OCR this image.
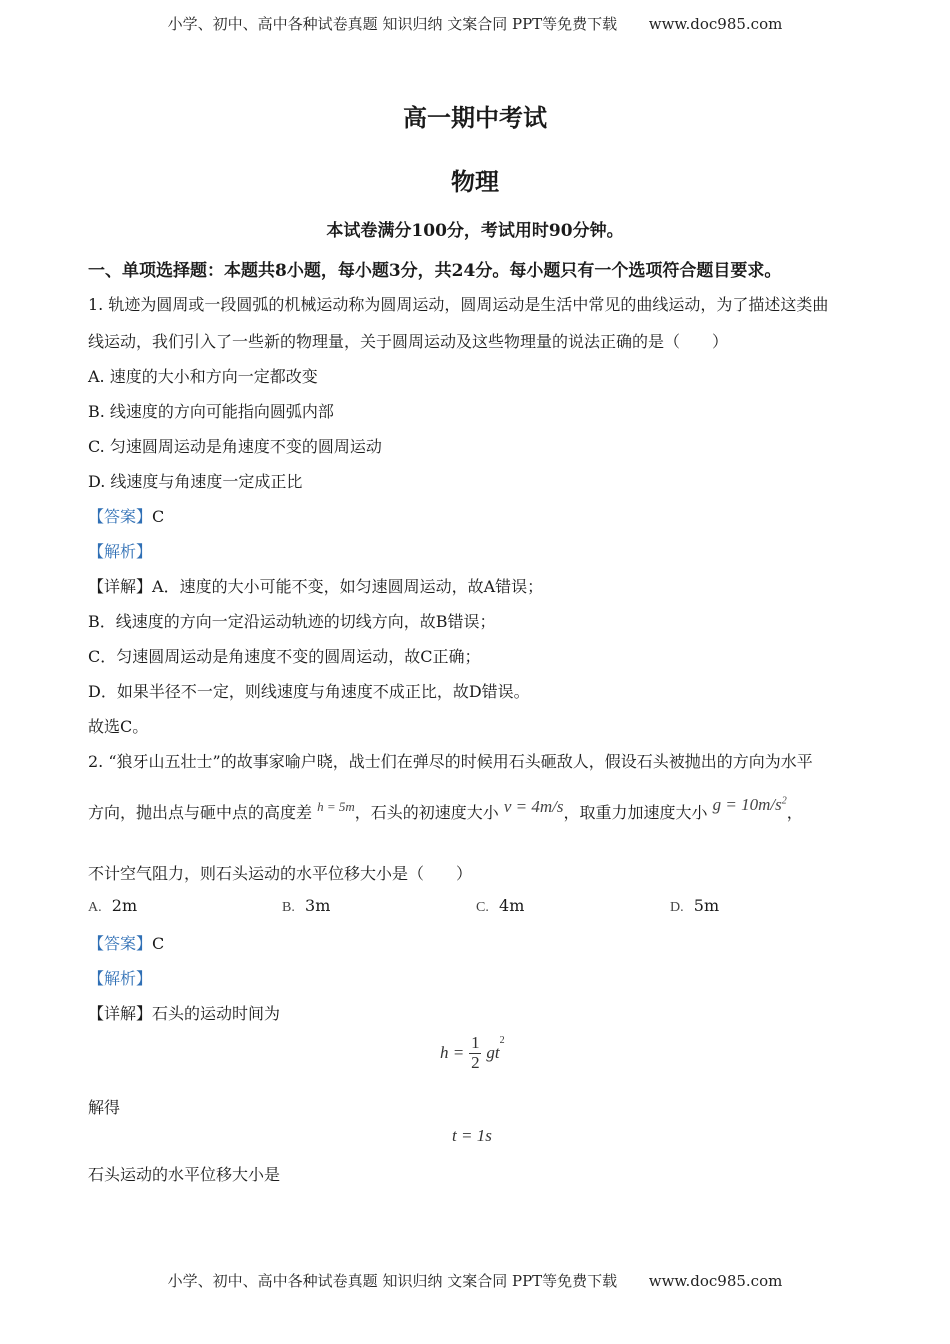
小学、初中、高中各种试卷真题 知识归纳 文案合同 PPT等免费下载 www.doc985.com
高一期中考试
物理
本试卷满分100分，考试用时90分钟。
一、单项选择题：本题共8小题，每小题3分，共24分。每小题只有一个选项符合题目要求。
1. 轨迹为圆周或一段圆弧的机械运动称为圆周运动，圆周运动是生活中常见的曲线运动，为了描述这类曲
线运动，我们引入了一些新的物理量，关于圆周运动及这些物理量的说法正确的是（　　）
A. 速度的大小和方向一定都改变
B. 线速度的方向可能指向圆弧内部
C. 匀速圆周运动是角速度不变的圆周运动
D. 线速度与角速度一定成正比
【答案】C
【解析】
【详解】A．速度的大小可能不变，如匀速圆周运动，故A错误；
B．线速度的方向一定沿运动轨迹的切线方向，故B错误；
C．匀速圆周运动是角速度不变的圆周运动，故C正确；
D．如果半径不一定，则线速度与角速度不成正比，故D错误。
故选C。
2. “狼牙山五壮士”的故事家喻户晓，战士们在弹尽的时候用石头砸敌人，假设石头被抛出的方向为水平
方向，抛出点与砸中点的高度差 $^{h = 5m}$，石头的初速度大小 v = 4m/s，取重力加速度大小 $g = 10m/s^2$，
不计空气阻力，则石头运动的水平位移大小是（　　）
A. 2m	B. 3m	C. 4m	D. 5m
【答案】C
【解析】
【详解】石头的运动时间为
$h = \frac{1}{2} gt^2$
解得
t = 1s
石头运动的水平位移大小是
小学、初中、高中各种试卷真题 知识归纳 文案合同 PPT等免费下载 www.doc985.com
